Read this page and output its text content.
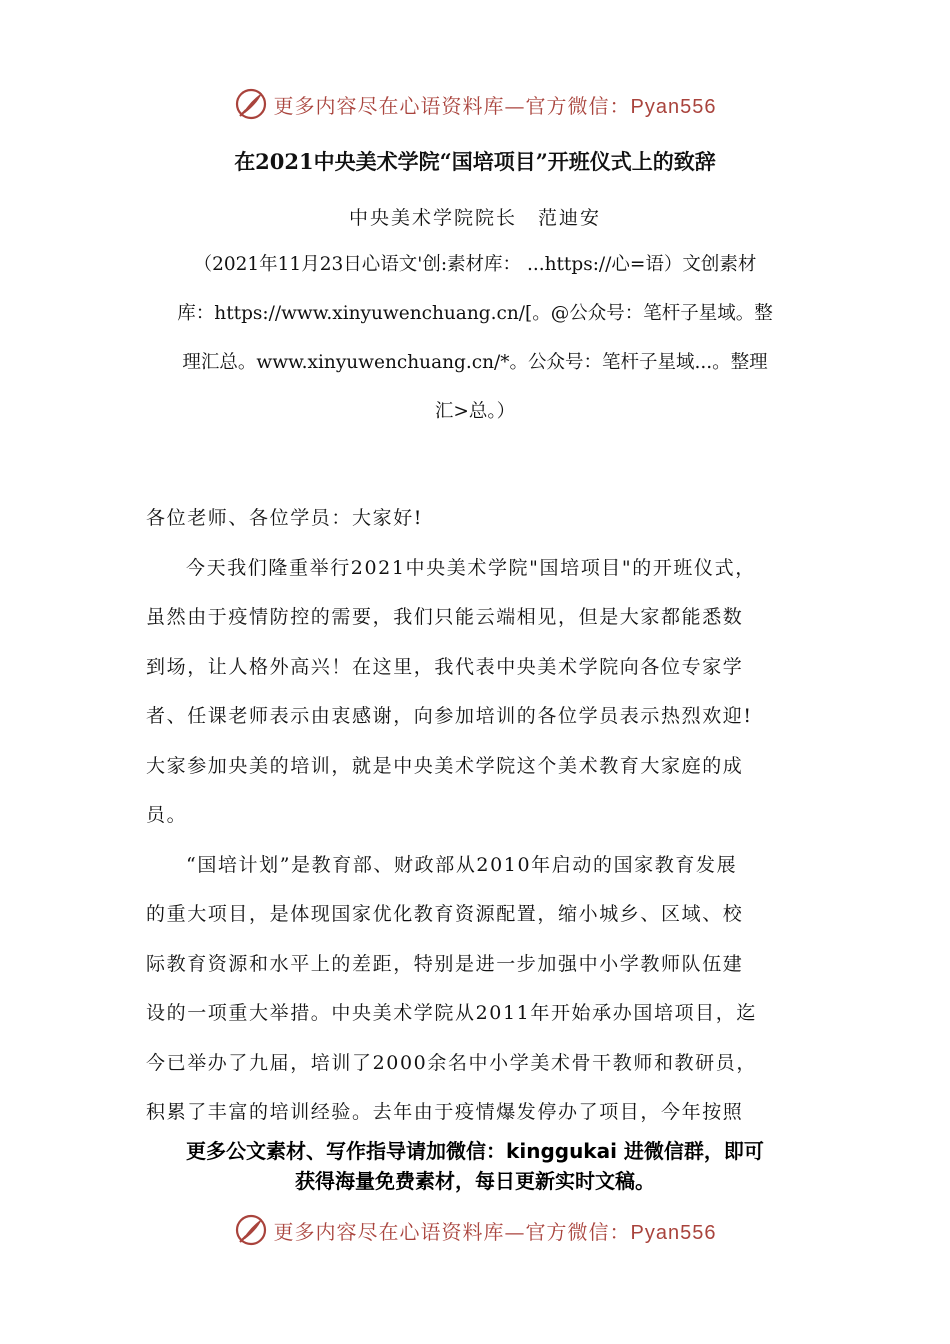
更多内容尽在心语资料库—官方微信：Pyan556
在2021中央美术学院“国培项目”开班仪式上的致辞
中央美术学院院长　范迪安
（2021年11月23日心语文'创:素材库： ...https://心=语）文创素材
库：https://www.xinyuwenchuang.cn/[。@公众号：笔杆子星域。整
理汇总。www.xinyuwenchuang.cn/*。公众号：笔杆子星域...。整理
汇>总。）
各位老师、各位学员：大家好!
今天我们隆重举行2021中央美术学院"国培项目"的开班仪式，
虽然由于疫情防控的需要，我们只能云端相见，但是大家都能悉数
到场，让人格外高兴！在这里，我代表中央美术学院向各位专家学
者、任课老师表示由衷感谢，向参加培训的各位学员表示热烈欢迎!
大家参加央美的培训，就是中央美术学院这个美术教育大家庭的成
员。
“国培计划”是教育部、财政部从2010年启动的国家教育发展
的重大项目，是体现国家优化教育资源配置，缩小城乡、区域、校
际教育资源和水平上的差距，特别是进一步加强中小学教师队伍建
设的一项重大举措。中央美术学院从2011年开始承办国培项目，迄
今已举办了九届，培训了2000余名中小学美术骨干教师和教研员，
积累了丰富的培训经验。去年由于疫情爆发停办了项目，今年按照
更多公文素材、写作指导请加微信：kinggukai 进微信群，即可
获得海量免费素材，每日更新实时文稿。
更多内容尽在心语资料库—官方微信：Pyan556
